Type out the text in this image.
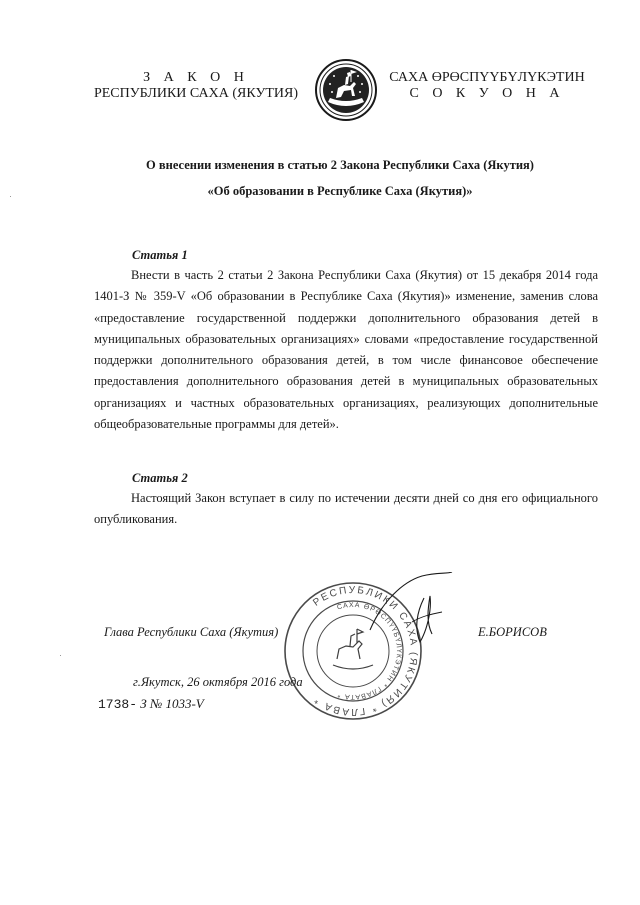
З А К О Н
РЕСПУБЛИКИ САХА (ЯКУТИЯ)
САХА ӨРӨСПҮҮБҮЛҮКЭТИН
С О К У О Н А
О внесении изменения в статью 2 Закона Республики Саха (Якутия)
«Об образовании в Республике Саха (Якутия)»
Статья 1
Внести в часть 2 статьи 2 Закона Республики Саха (Якутия) от 15 декабря 2014 года 1401-З № 359-V «Об образовании в Республике Саха (Якутия)» изменение, заменив слова «предоставление государственной поддержки дополнительного образования детей в муниципальных образовательных организациях» словами «предоставление государственной поддержки дополнительного образования детей, в том числе финансовое обеспечение предоставления дополнительного образования детей в муниципальных образовательных организациях и частных образовательных организациях, реализующих дополнительные общеобразовательные программы для детей».
Статья 2
Настоящий Закон вступает в силу по истечении десяти дней со дня его официального опубликования.
Глава Республики Саха (Якутия)	Е.БОРИСОВ
г.Якутск, 26 октября 2016 года
1738- З № 1033-V
РЕСПУБЛИКИ САХА (ЯКУТИЯ) * ГЛАВА *
САХА ӨРӨСПҮҮБҮЛҮКЭТИН * ГЛАВАТА *
